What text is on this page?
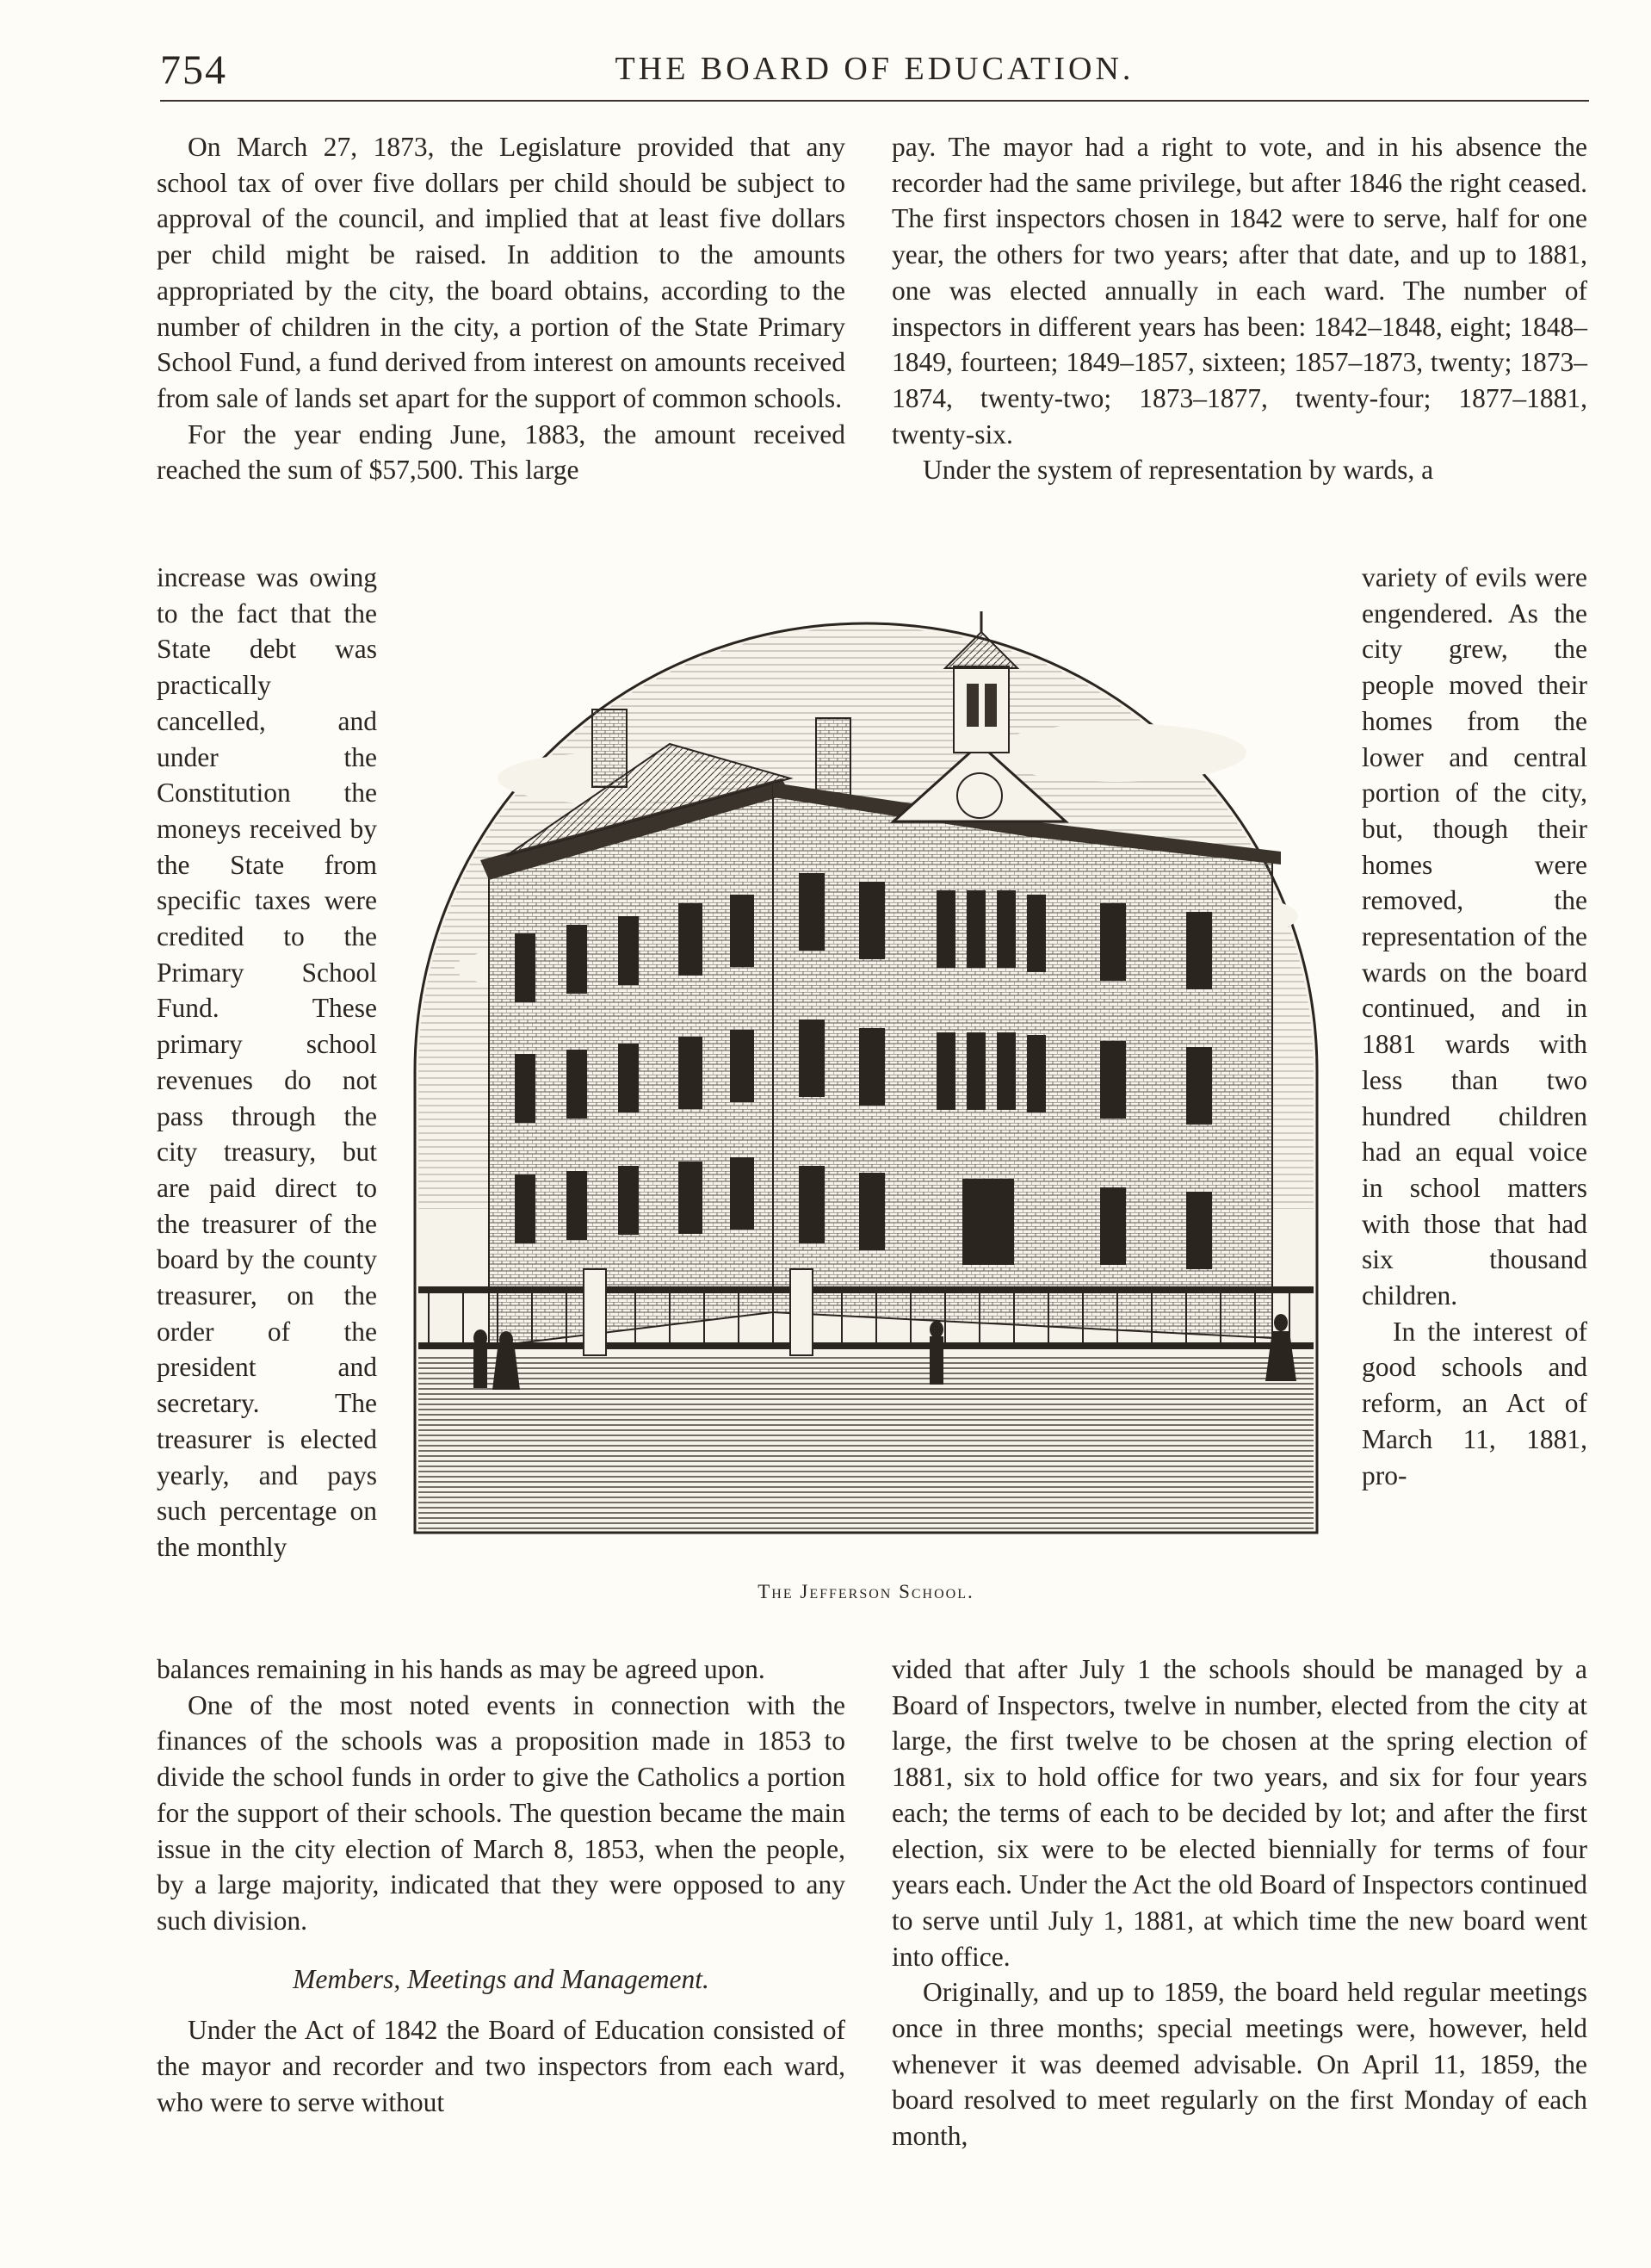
754	THE BOARD OF EDUCATION.

On March 27, 1873, the Legislature provided that any school tax of over five dollars per child should be subject to approval of the council, and implied that at least five dollars per child might be raised. In addition to the amounts appropriated by the city, the board obtains, according to the number of children in the city, a portion of the State Primary School Fund, a fund derived from interest on amounts received from sale of lands set apart for the support of common schools.

For the year ending June, 1883, the amount received reached the sum of $57,500. This large

pay. The mayor had a right to vote, and in his absence the recorder had the same privilege, but after 1846 the right ceased. The first inspectors chosen in 1842 were to serve, half for one year, the others for two years; after that date, and up to 1881, one was elected annually in each ward. The number of inspectors in different years has been: 1842–1848, eight; 1848–1849, fourteen; 1849–1857, sixteen; 1857–1873, twenty; 1873–1874, twenty-two; 1873–1877, twenty-four; 1877–1881, twenty-six.

Under the system of representation by wards, a

increase was owing to the fact that the State debt was practically cancelled, and under the Constitution the moneys received by the State from specific taxes were credited to the Primary School Fund. These primary school revenues do not pass through the city treasury, but are paid direct to the treasurer of the board by the county treasurer, on the order of the president and secretary. The treasurer is elected yearly, and pays such percentage on the monthly

variety of evils were engendered. As the city grew, the people moved their homes from the lower and central portion of the city, but, though their homes were removed, the representation of the wards on the board continued, and in 1881 wards with less than two hundred children had an equal voice in school matters with those that had six thousand children.

In the interest of good schools and reform, an Act of March 11, 1881, pro-

The Jefferson School.

balances remaining in his hands as may be agreed upon.

One of the most noted events in connection with the finances of the schools was a proposition made in 1853 to divide the school funds in order to give the Catholics a portion for the support of their schools. The question became the main issue in the city election of March 8, 1853, when the people, by a large majority, indicated that they were opposed to any such division.

Members, Meetings and Management.

Under the Act of 1842 the Board of Education consisted of the mayor and recorder and two inspectors from each ward, who were to serve without

vided that after July 1 the schools should be managed by a Board of Inspectors, twelve in number, elected from the city at large, the first twelve to be chosen at the spring election of 1881, six to hold office for two years, and six for four years each; the terms of each to be decided by lot; and after the first election, six were to be elected biennially for terms of four years each. Under the Act the old Board of Inspectors continued to serve until July 1, 1881, at which time the new board went into office.

Originally, and up to 1859, the board held regular meetings once in three months; special meetings were, however, held whenever it was deemed advisable. On April 11, 1859, the board resolved to meet regularly on the first Monday of each month,
